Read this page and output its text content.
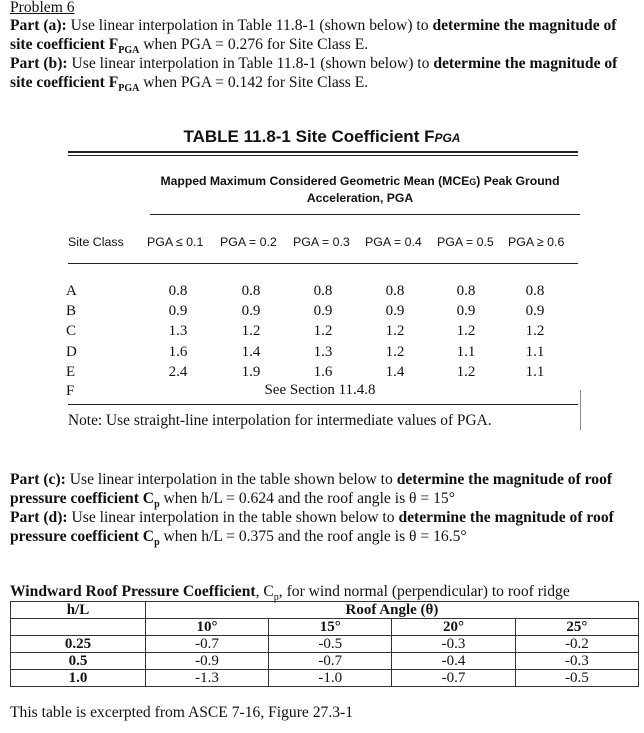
Problem 6
Part (a): Use linear interpolation in Table 11.8-1 (shown below) to determine the magnitude of
site coefficient $F_{PGA}$ when PGA = 0.276 for Site Class E.
Part (b): Use linear interpolation in Table 11.8-1 (shown below) to determine the magnitude of
site coefficient $F_{PGA}$ when PGA = 0.142 for Site Class E.
TABLE 11.8-1 Site Coefficient FPGA
Mapped Maximum Considered Geometric Mean (MCEG) Peak Ground
Acceleration, PGA
Site Class PGA ≤ 0.1 PGA = 0.2 PGA = 0.3 PGA = 0.4 PGA = 0.5 PGA ≥ 0.6
A	0.8	0.8	0.8	0.8	0.8	0.8
B	0.9	0.9	0.9	0.9	0.9	0.9
C	1.3	1.2	1.2	1.2	1.2	1.2
D	1.6	1.4	1.3	1.2	1.1	1.1
E	2.4	1.9	1.6	1.4	1.2	1.1
F	See Section 11.4.8
Note: Use straight-line interpolation for intermediate values of PGA.
Part (c): Use linear interpolation in the table shown below to determine the magnitude of roof
pressure coefficient $C_p$ when h/L = 0.624 and the roof angle is θ = 15°
Part (d): Use linear interpolation in the table shown below to determine the magnitude of roof
pressure coefficient $C_p$ when h/L = 0.375 and the roof angle is θ = 16.5°
Windward Roof Pressure Coefficient, $C_p$, for wind normal (perpendicular) to roof ridge
h/L	Roof Angle (θ)			
	10°	15°	20°	25°
0.25	-0.7	-0.5	-0.3	-0.2
0.5	-0.9	-0.7	-0.4	-0.3
1.0	-1.3	-1.0	-0.7	-0.5
This table is excerpted from ASCE 7-16, Figure 27.3-1
